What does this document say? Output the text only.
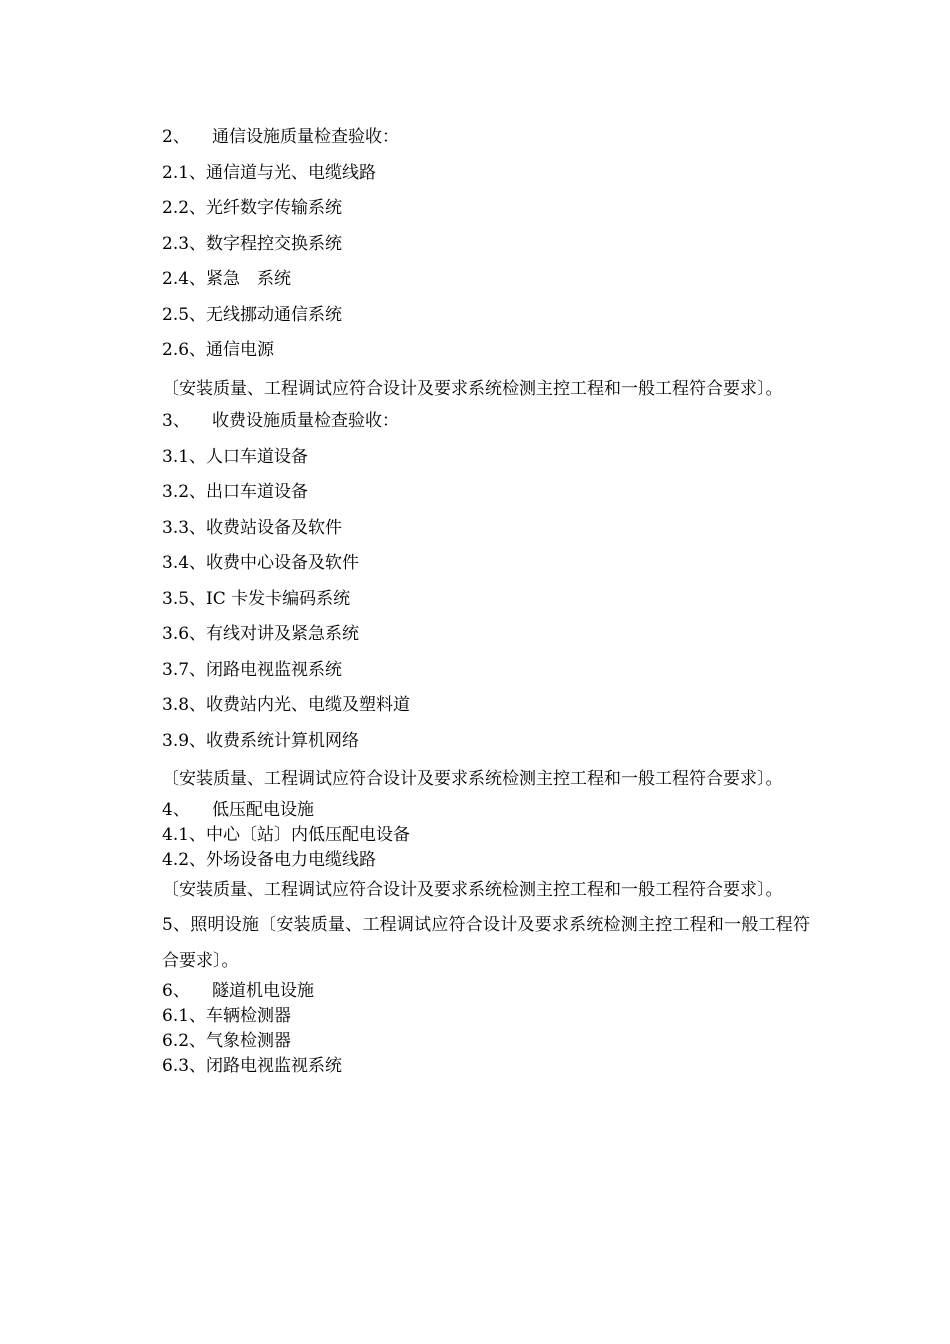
2、 通信设施质量检查验收：
2.1、通信道与光、电缆线路
2.2、光纤数字传输系统
2.3、数字程控交换系统
2.4、紧急　系统
2.5、无线挪动通信系统
2.6、通信电源

〔安装质量、工程调试应符合设计及要求系统检测主控工程和一般工程符合要求〕。

3、 收费设施质量检查验收：
3.1、人口车道设备
3.2、出口车道设备
3.3、收费站设备及软件
3.4、收费中心设备及软件
3.5、IC 卡发卡编码系统
3.6、有线对讲及紧急系统
3.7、闭路电视监视系统
3.8、收费站内光、电缆及塑料道
3.9、收费系统计算机网络

〔安装质量、工程调试应符合设计及要求系统检测主控工程和一般工程符合要求〕。

4、 低压配电设施
4.1、中心〔站〕内低压配电设备
4.2、外场设备电力电缆线路

〔安装质量、工程调试应符合设计及要求系统检测主控工程和一般工程符合要求〕。

5、照明设施〔安装质量、工程调试应符合设计及要求系统检测主控工程和一般工程符合要求〕。

6、 隧道机电设施
6.1、车辆检测器
6.2、气象检测器
6.3、闭路电视监视系统
